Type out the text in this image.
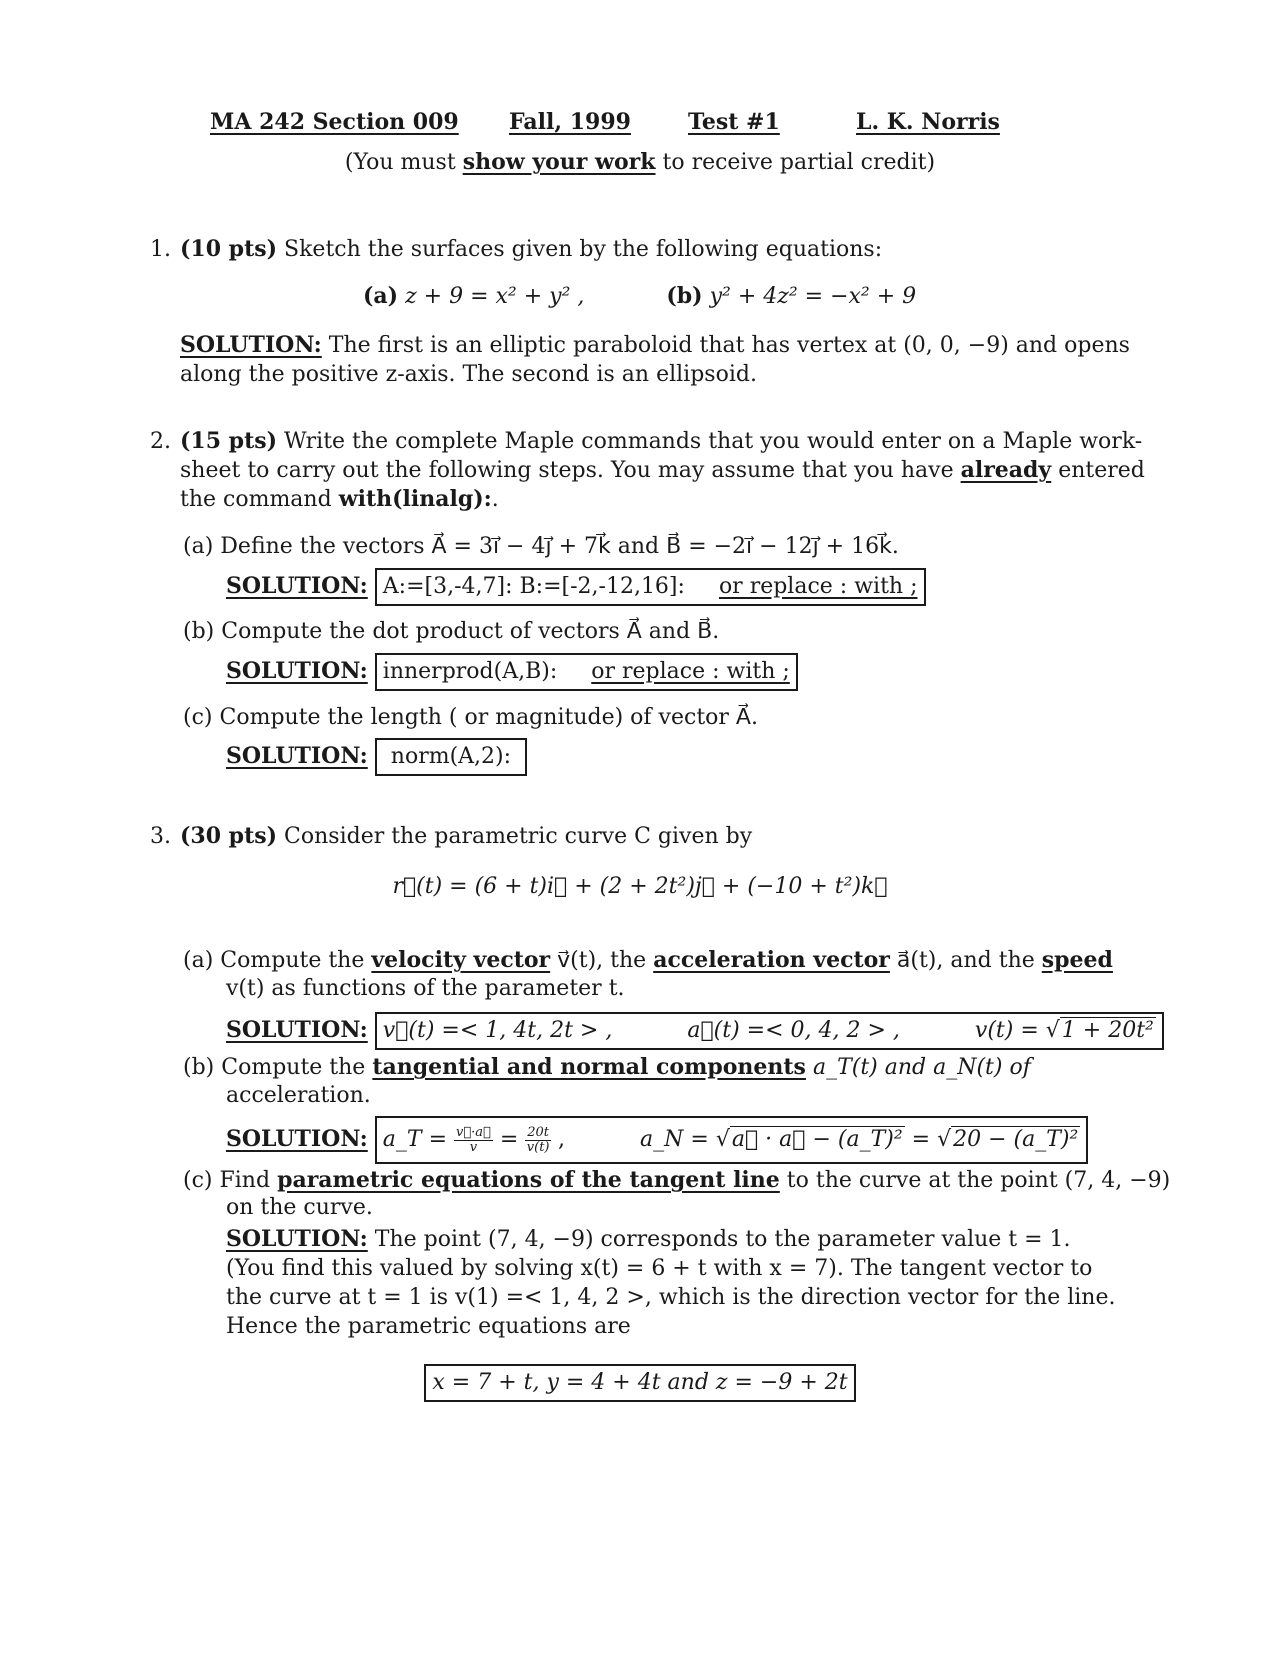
MA 242 Section 009 Fall, 1999	Test #1	L. K. Norris
(You must show your work to receive partial credit)
1. (10 pts) Sketch the surfaces given by the following equations:
(a) z + 9 = x² + y² ,	(b) y² + 4z² = −x² + 9
SOLUTION: The first is an elliptic paraboloid that has vertex at (0, 0, −9) and opens
along the positive z-axis. The second is an ellipsoid.
2. (15 pts) Write the complete Maple commands that you would enter on a Maple work-
sheet to carry out the following steps. You may assume that you have already entered
the command with(linalg):.
(a) Define the vectors A⃗ = 3i⃗ − 4j⃗ + 7k⃗ and B⃗ = −2i⃗ − 12j⃗ + 16k⃗.
SOLUTION: A:=[3,-4,7]: B:=[-2,-12,16]: or replace : with ;
(b) Compute the dot product of vectors A⃗ and B⃗.
SOLUTION: innerprod(A,B): or replace : with ;
(c) Compute the length ( or magnitude) of vector A⃗.
SOLUTION: norm(A,2):
3. (30 pts) Consider the parametric curve C given by
r⃗(t) = (6 + t)i⃗ + (2 + 2t²)j⃗ + (−10 + t²)k⃗
(a) Compute the velocity vector v⃗(t), the acceleration vector a⃗(t), and the speed
v(t) as functions of the parameter t.
SOLUTION: v⃗(t) =< 1, 4t, 2t > ,	a⃗(t) =< 0, 4, 2 > ,	v(t) = √1 + 20t²
(b) Compute the tangential and normal components a_T(t) and a_N(t) of
acceleration.
SOLUTION: a_T = $\frac{v⃗\cdot a⃗}{v} = \frac{20t}{v(t)}$ ,	a_N = √a⃗ · a⃗ − (a_T)² = √20 − (a_T)²
(c) Find parametric equations of the tangent line to the curve at the point (7, 4, −9)
on the curve.
SOLUTION: The point (7, 4, −9) corresponds to the parameter value t = 1.
(You find this valued by solving x(t) = 6 + t with x = 7). The tangent vector to
the curve at t = 1 is v(1) =< 1, 4, 2 >, which is the direction vector for the line.
Hence the parametric equations are
x = 7 + t, y = 4 + 4t and z = −9 + 2t
